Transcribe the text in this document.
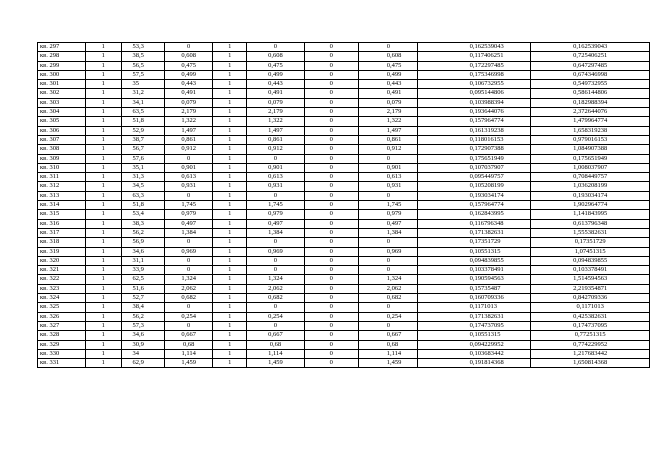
кв. 297	1	53,3	0	1	0	0	0	0,162539043	0,162539043
кв. 298	1	38,5	0,608	1	0,608	0	0,608	0,117406251	0,725406251
кв. 299	1	56,5	0,475	1	0,475	0	0,475	0,172297485	0,647297485
кв. 300	1	57,5	0,499	1	0,499	0	0,499	0,175346998	0,674346998
кв. 301	1	35	0,443	1	0,443	0	0,443	0,106732955	0,549732955
кв. 302	1	31,2	0,491	1	0,491	0	0,491	0,095144806	0,586144806
кв. 303	1	34,1	0,079	1	0,079	0	0,079	0,103988394	0,182988394
кв. 304	1	63,5	2,179	1	2,179	0	2,179	0,193644076	2,372644076
кв. 305	1	51,8	1,322	1	1,322	0	1,322	0,157964774	1,479964774
кв. 306	1	52,9	1,497	1	1,497	0	1,497	0,161319238	1,658319238
кв. 307	1	38,7	0,861	1	0,861	0	0,861	0,118016153	0,979016153
кв. 308	1	56,7	0,912	1	0,912	0	0,912	0,172907388	1,084907388
кв. 309	1	57,6	0	1	0	0	0	0,175651949	0,175651949
кв. 310	1	35,1	0,901	1	0,901	0	0,901	0,107037907	1,008037907
кв. 311	1	31,3	0,613	1	0,613	0	0,613	0,095449757	0,708449757
кв. 312	1	34,5	0,931	1	0,931	0	0,931	0,105208199	1,036208199
кв. 313	1	63,3	0	1	0	0	0	0,193034174	0,193034174
кв. 314	1	51,8	1,745	1	1,745	0	1,745	0,157964774	1,902964774
кв. 315	1	53,4	0,979	1	0,979	0	0,979	0,162843995	1,141843995
кв. 316	1	38,3	0,497	1	0,497	0	0,497	0,116796348	0,613796348
кв. 317	1	56,2	1,384	1	1,384	0	1,384	0,171382631	1,555382631
кв. 318	1	56,9	0	1	0	0	0	0,17351729	0,17351729
кв. 319	1	34,6	0,969	1	0,969	0	0,969	0,10551315	1,07451315
кв. 320	1	31,1	0	1	0	0	0	0,094839855	0,094839855
кв. 321	1	33,9	0	1	0	0	0	0,103378491	0,103378491
кв. 322	1	62,5	1,324	1	1,324	0	1,324	0,190594563	1,514594563
кв. 323	1	51,6	2,062	1	2,062	0	2,062	0,15735487	2,219354871
кв. 324	1	52,7	0,682	1	0,682	0	0,682	0,160709336	0,842709336
кв. 325	1	38,4	0	1	0	0	0	0,1171013	0,1171013
кв. 326	1	56,2	0,254	1	0,254	0	0,254	0,171382631	0,425382631
кв. 327	1	57,3	0	1	0	0	0	0,174737095	0,174737095
кв. 328	1	34,6	0,667	1	0,667	0	0,667	0,10551315	0,77251315
кв. 329	1	30,9	0,68	1	0,68	0	0,68	0,094229952	0,774229952
кв. 330	1	34	1,114	1	1,114	0	1,114	0,103683442	1,217683442
кв. 331	1	62,9	1,459	1	1,459	0	1,459	0,191814368	1,650814368
